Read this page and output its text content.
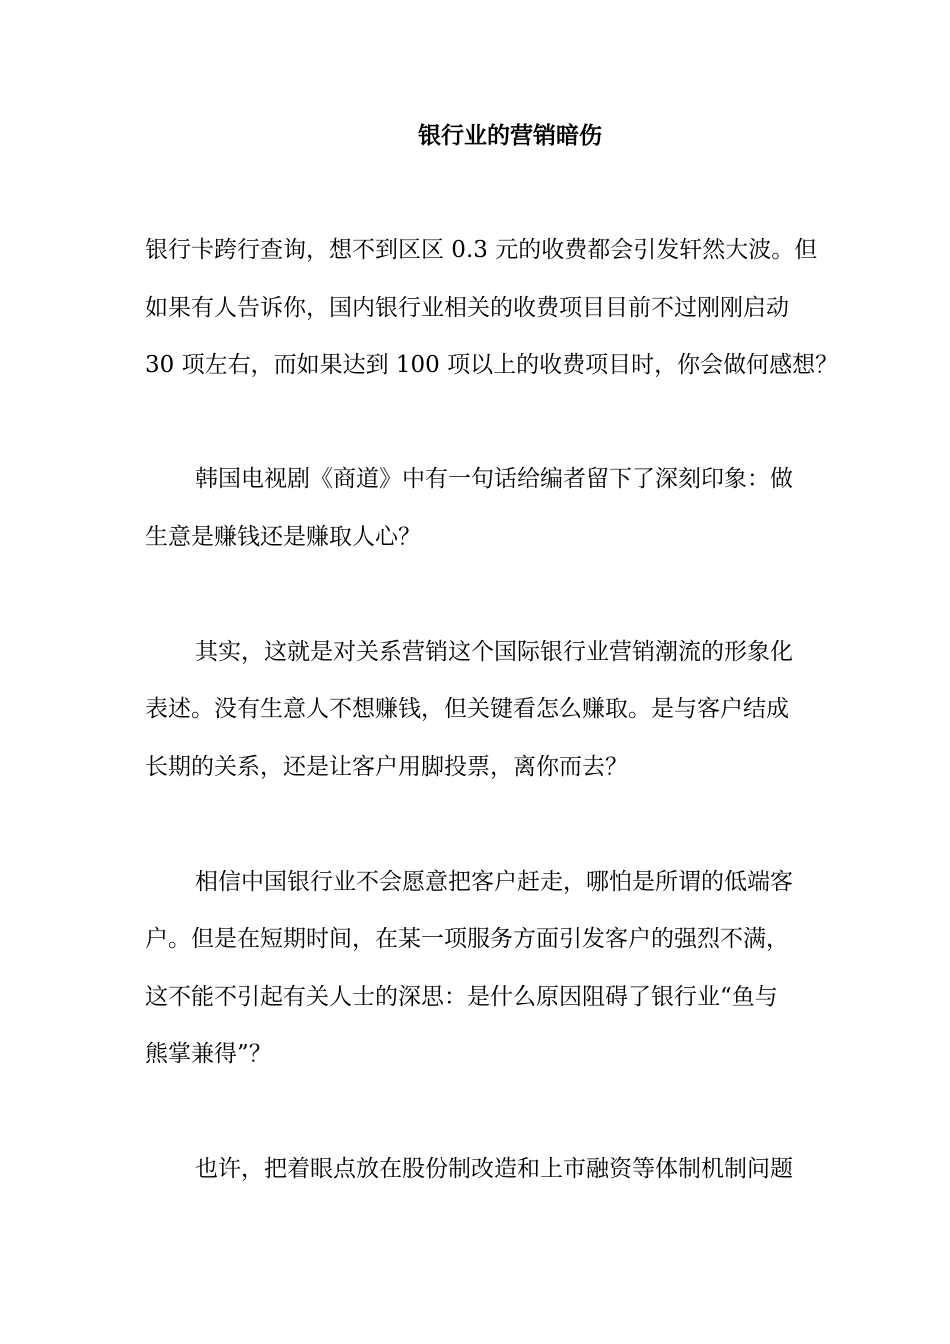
银行业的营销暗伤
银行卡跨行查询，想不到区区 0.3 元的收费都会引发轩然大波。但
如果有人告诉你，国内银行业相关的收费项目目前不过刚刚启动
30 项左右，而如果达到 100 项以上的收费项目时，你会做何感想？
韩国电视剧《商道》中有一句话给编者留下了深刻印象：做
生意是赚钱还是赚取人心？
其实，这就是对关系营销这个国际银行业营销潮流的形象化
表述。没有生意人不想赚钱，但关键看怎么赚取。是与客户结成
长期的关系，还是让客户用脚投票，离你而去？
相信中国银行业不会愿意把客户赶走，哪怕是所谓的低端客
户。但是在短期时间，在某一项服务方面引发客户的强烈不满，
这不能不引起有关人士的深思：是什么原因阻碍了银行业“鱼与
熊掌兼得”？
也许，把着眼点放在股份制改造和上市融资等体制机制问题
